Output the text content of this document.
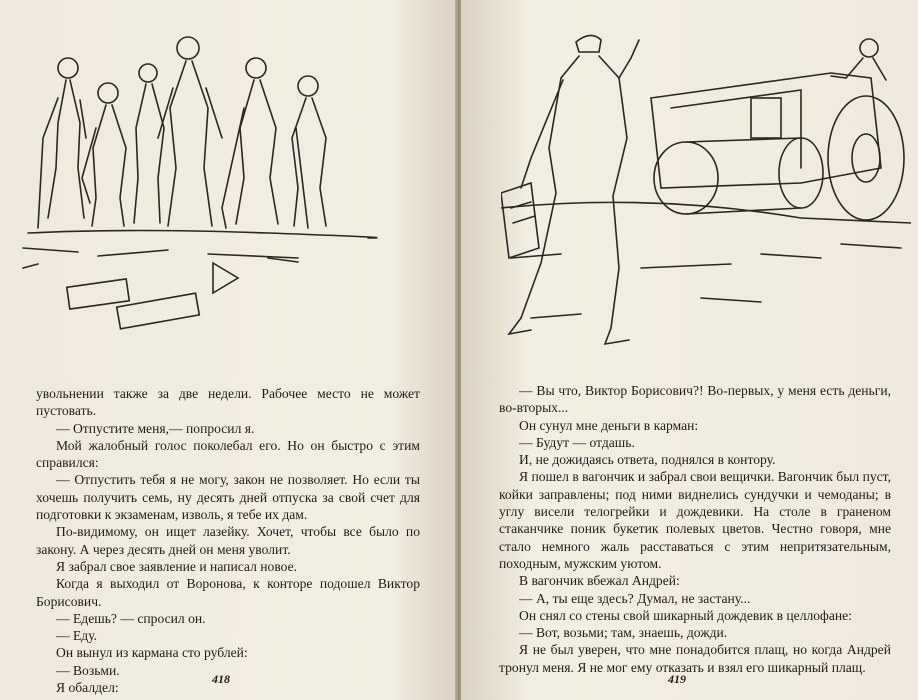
увольнении также за две недели. Рабочее место не может пустовать.

— Отпустите меня,— попросил я.

Мой жалобный голос поколебал его. Но он быстро с этим справился:

— Отпустить тебя я не могу, закон не позволяет. Но если ты хочешь получить семь, ну десять дней отпуска за свой счет для подготовки к экзаменам, изволь, я тебе их дам.

По-видимому, он ищет лазейку. Хочет, чтобы все было по закону. А через десять дней он меня уволит.

Я забрал свое заявление и написал новое.

Когда я выходил от Воронова, к конторе подошел Виктор Борисович.

— Едешь? — спросил он.

— Еду.

Он вынул из кармана сто рублей:

— Возьми.

Я обалдел:

418

— Вы что, Виктор Борисович?! Во-первых, у меня есть деньги, во-вторых...

Он сунул мне деньги в карман:

— Будут — отдашь.

И, не дожидаясь ответа, поднялся в контору.

Я пошел в вагончик и забрал свои вещички. Вагончик был пуст, койки заправлены; под ними виднелись сундучки и чемоданы; в углу висели телогрейки и дождевики. На столе в граненом стаканчике поник букетик полевых цветов. Честно говоря, мне стало немного жаль расставаться с этим непритязательным, походным, мужским уютом.

В вагончик вбежал Андрей:

— А, ты еще здесь? Думал, не застану...

Он снял со стены свой шикарный дождевик в целлофане:

— Вот, возьми; там, знаешь, дожди.

Я не был уверен, что мне понадобится плащ, но когда Андрей тронул меня. Я не мог ему отказать и взял его шикарный плащ.

419
